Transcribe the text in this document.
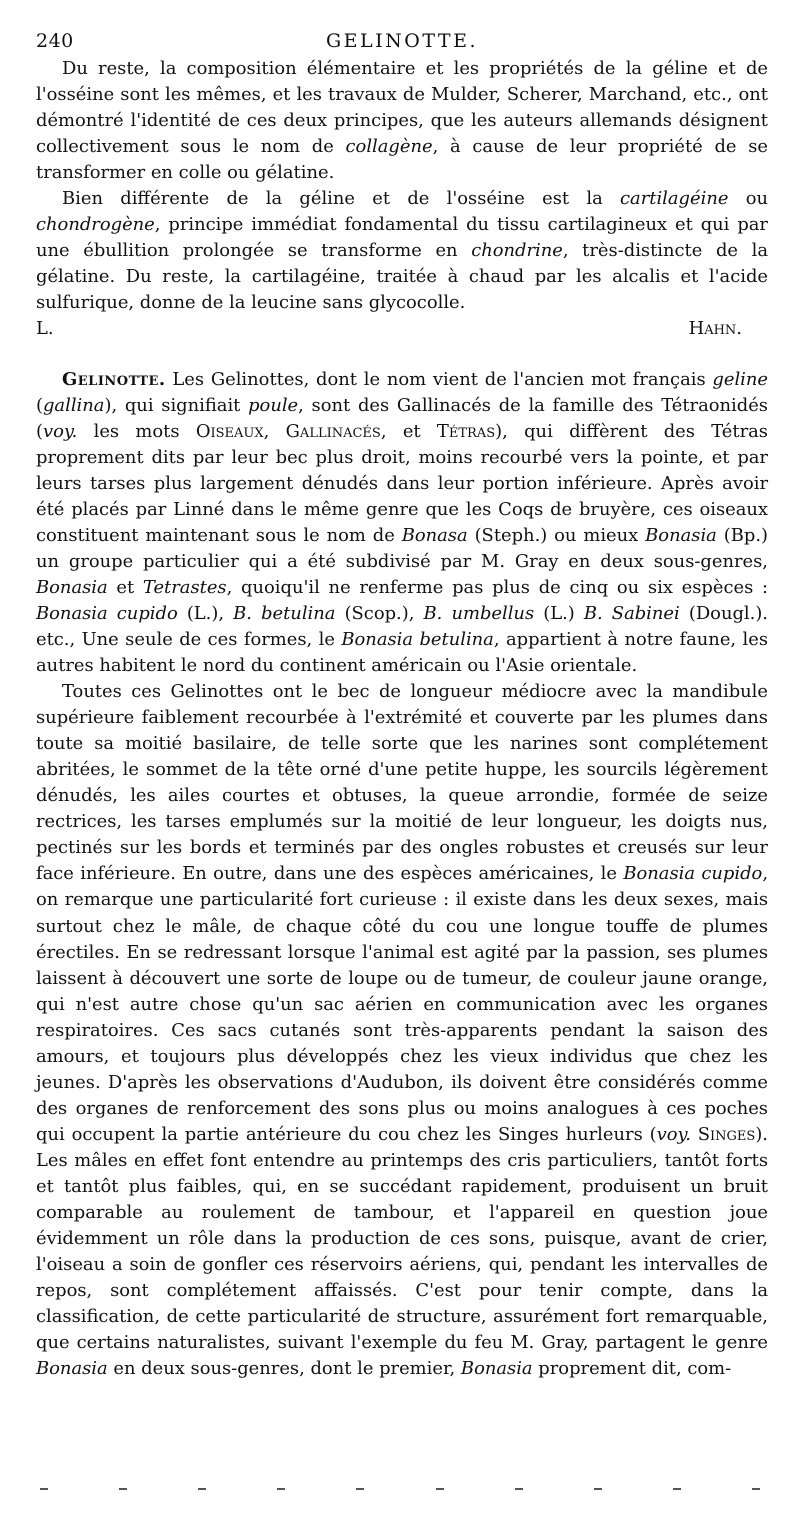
240	GELINOTTE.

Du reste, la composition élémentaire et les propriétés de la géline et de l'osséine sont les mêmes, et les travaux de Mulder, Scherer, Marchand, etc., ont démontré l'identité de ces deux principes, que les auteurs allemands désignent collectivement sous le nom de collagène, à cause de leur propriété de se transformer en colle ou gélatine.

Bien différente de la géline et de l'osséine est la cartilagéine ou chondrogène, principe immédiat fondamental du tissu cartilagineux et qui par une ébullition prolongée se transforme en chondrine, très-distincte de la gélatine. Du reste, la cartilagéine, traitée à chaud par les alcalis et l'acide sulfurique, donne de la leucine sans glycocolle.

L. Hahn.

Gelinotte. Les Gelinottes, dont le nom vient de l'ancien mot français geline (gallina), qui signifiait poule, sont des Gallinacés de la famille des Tétraonidés (voy. les mots Oiseaux, Gallinacés, et Tétras), qui diffèrent des Tétras proprement dits par leur bec plus droit, moins recourbé vers la pointe, et par leurs tarses plus largement dénudés dans leur portion inférieure. Après avoir été placés par Linné dans le même genre que les Coqs de bruyère, ces oiseaux constituent maintenant sous le nom de Bonasa (Steph.) ou mieux Bonasia (Bp.) un groupe particulier qui a été subdivisé par M. Gray en deux sous-genres, Bonasia et Tetrastes, quoiqu'il ne renferme pas plus de cinq ou six espèces : Bonasia cupido (L.), B. betulina (Scop.), B. umbellus (L.) B. Sabinei (Dougl.). etc., Une seule de ces formes, le Bonasia betulina, appartient à notre faune, les autres habitent le nord du continent américain ou l'Asie orientale.

Toutes ces Gelinottes ont le bec de longueur médiocre avec la mandibule supérieure faiblement recourbée à l'extrémité et couverte par les plumes dans toute sa moitié basilaire, de telle sorte que les narines sont complétement abritées, le sommet de la tête orné d'une petite huppe, les sourcils légèrement dénudés, les ailes courtes et obtuses, la queue arrondie, formée de seize rectrices, les tarses emplumés sur la moitié de leur longueur, les doigts nus, pectinés sur les bords et terminés par des ongles robustes et creusés sur leur face inférieure. En outre, dans une des espèces américaines, le Bonasia cupido, on remarque une particularité fort curieuse : il existe dans les deux sexes, mais surtout chez le mâle, de chaque côté du cou une longue touffe de plumes érectiles. En se redressant lorsque l'animal est agité par la passion, ses plumes laissent à découvert une sorte de loupe ou de tumeur, de couleur jaune orange, qui n'est autre chose qu'un sac aérien en communication avec les organes respiratoires. Ces sacs cutanés sont très-apparents pendant la saison des amours, et toujours plus développés chez les vieux individus que chez les jeunes. D'après les observations d'Audubon, ils doivent être considérés comme des organes de renforcement des sons plus ou moins analogues à ces poches qui occupent la partie antérieure du cou chez les Singes hurleurs (voy. Singes). Les mâles en effet font entendre au printemps des cris particuliers, tantôt forts et tantôt plus faibles, qui, en se succédant rapidement, produisent un bruit comparable au roulement de tambour, et l'appareil en question joue évidemment un rôle dans la production de ces sons, puisque, avant de crier, l'oiseau a soin de gonfler ces réservoirs aériens, qui, pendant les intervalles de repos, sont complétement affaissés. C'est pour tenir compte, dans la classification, de cette particularité de structure, assurément fort remarquable, que certains naturalistes, suivant l'exemple du feu M. Gray, partagent le genre Bonasia en deux sous-genres, dont le premier, Bonasia proprement dit, com-
